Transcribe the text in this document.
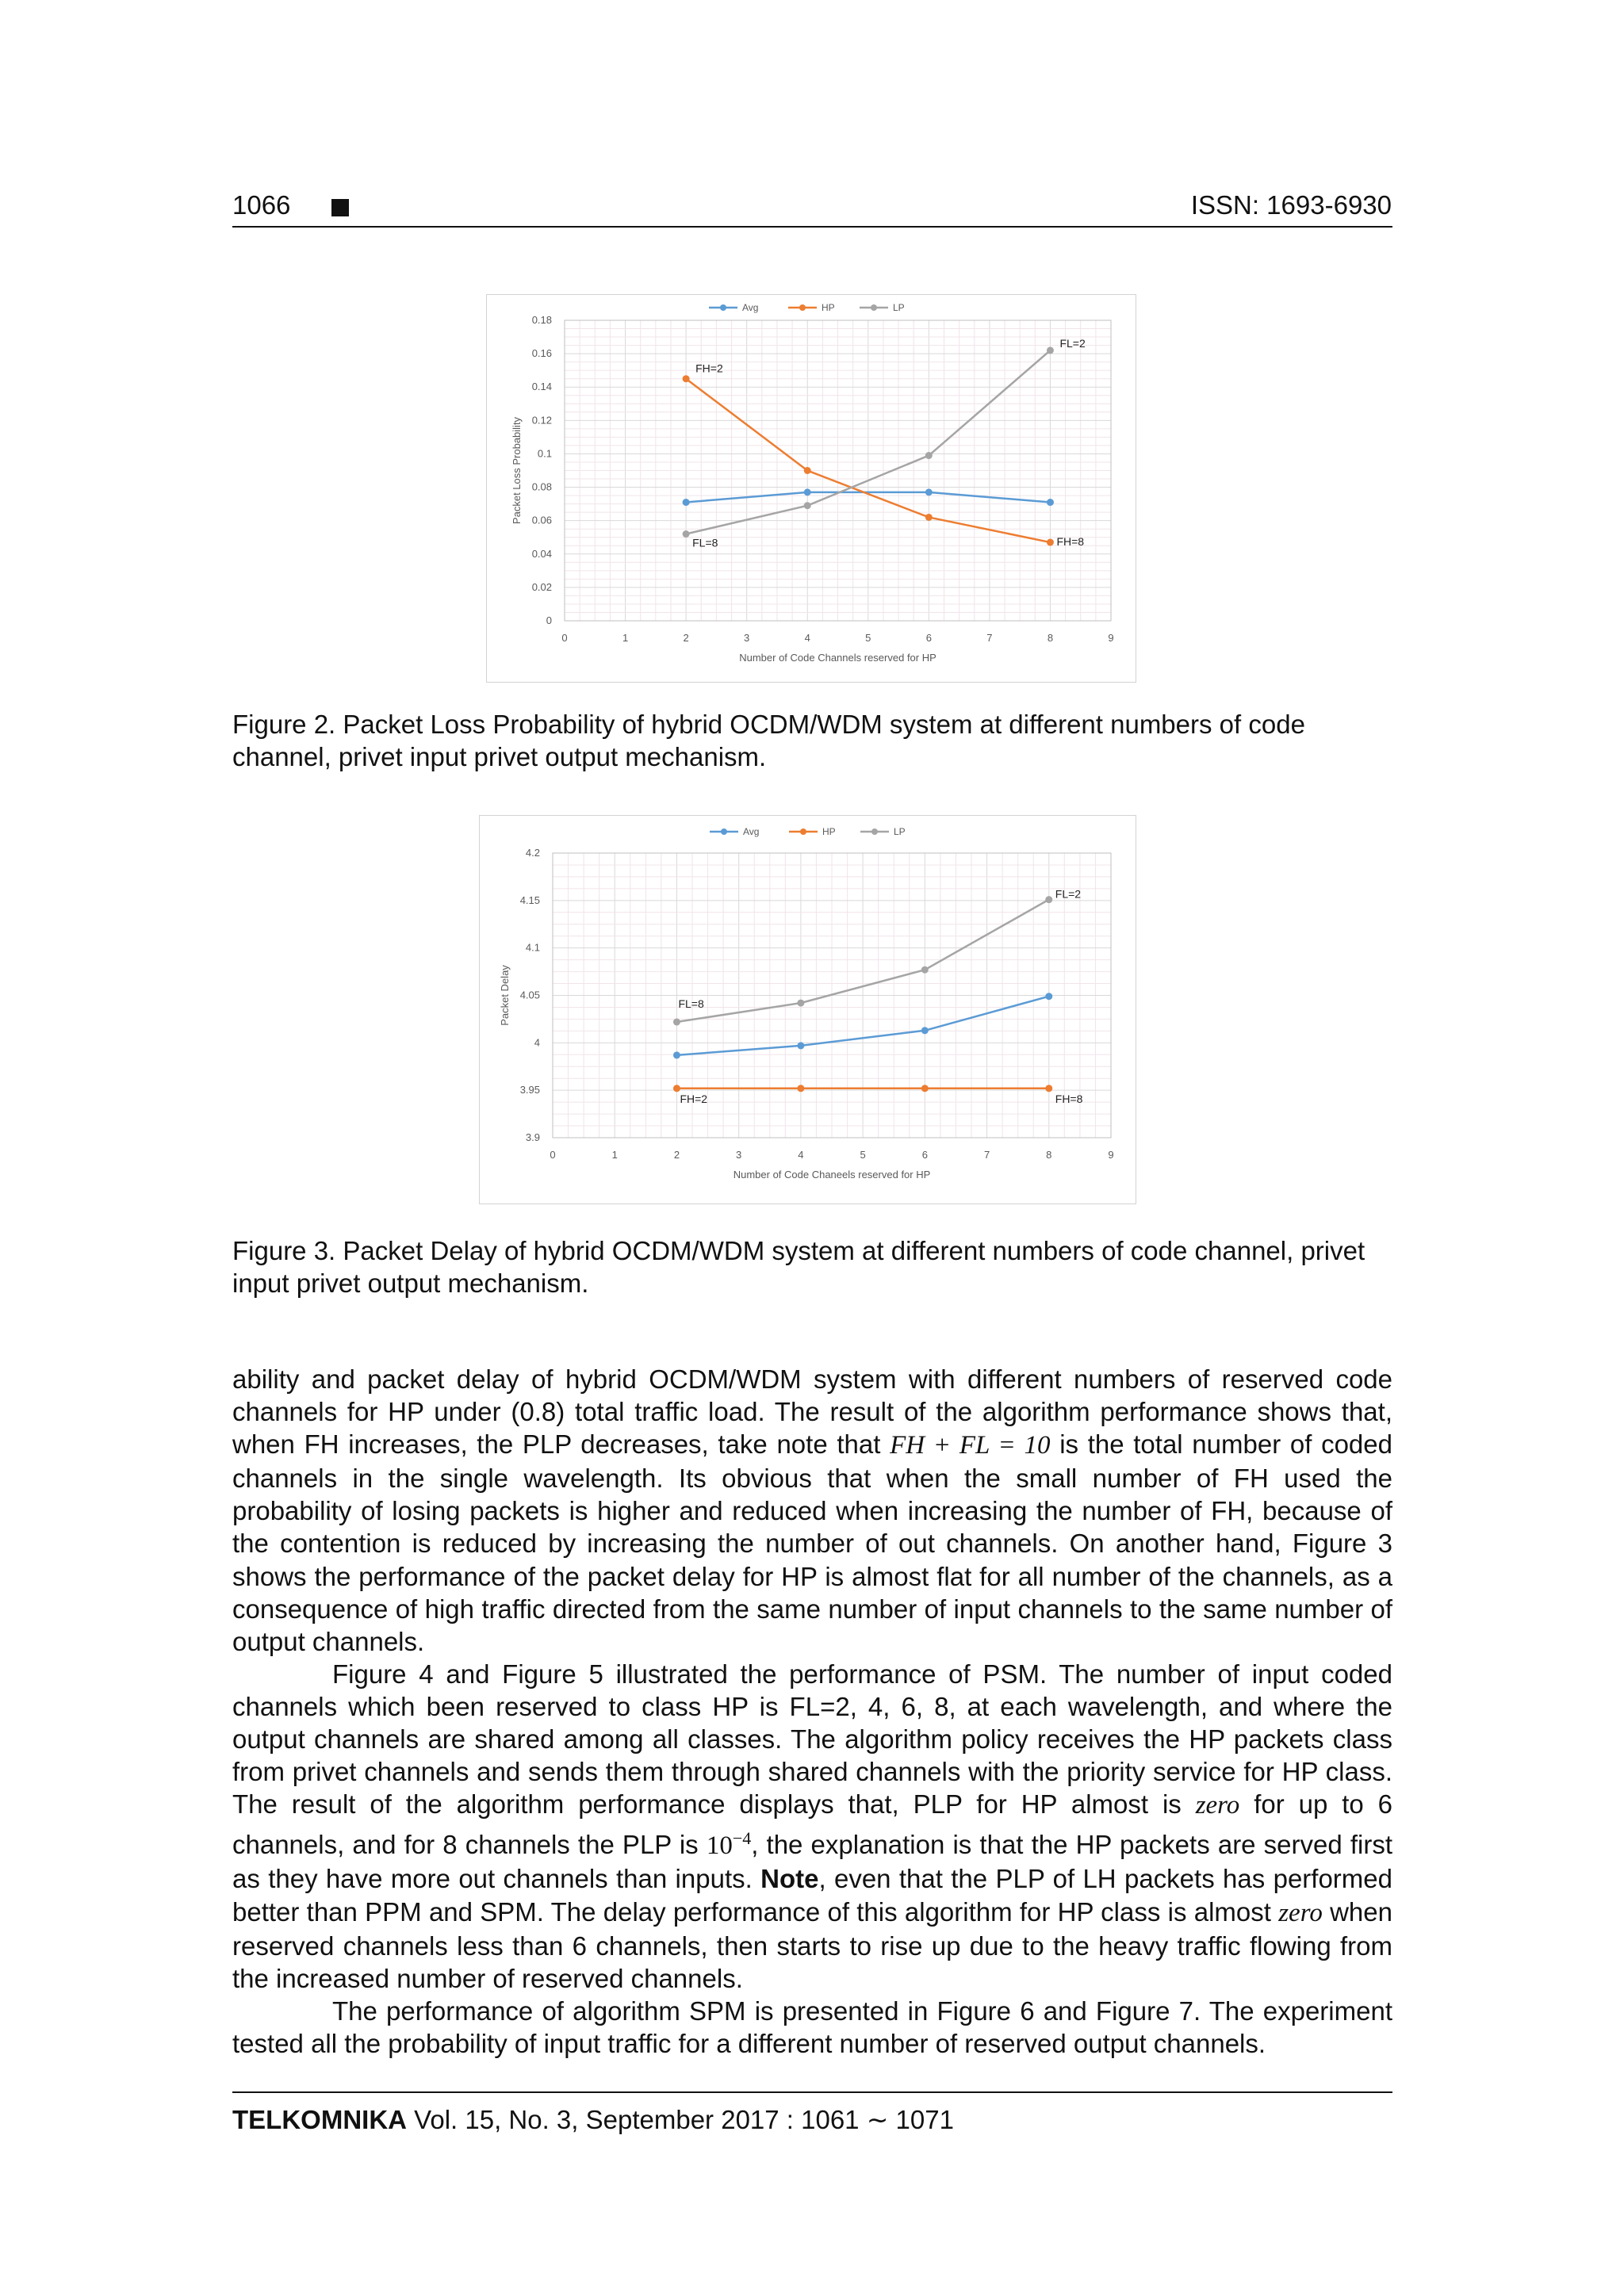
1066	ISSN: 1693-6930
0	1	2	3	4	5	6	7	8	9
0
0.02
0.04
0.06
0.08
0.1
0.12
0.14
0.16
0.18
Number of Code Channels reserved for HP
Packet Loss Probability
Avg	HP	LP
FH=2
FL=2
FL=8	FH=8
Figure 2. Packet Loss Probability of hybrid OCDM/WDM system at different numbers of code channel, privet input privet output mechanism.
0	1	2	3	4	5	6	7	8	9
3.9
3.95
4
4.05
4.1
4.15
4.2
Number of Code Chaneels reserved for HP
Packet Delay
Avg	HP	LP
FL=2
FL=8
FH=2	FH=8
Figure 3. Packet Delay of hybrid OCDM/WDM system at different numbers of code channel, privet input privet output mechanism.

ability and packet delay of hybrid OCDM/WDM system with different numbers of reserved code channels for HP under (0.8) total traffic load. The result of the algorithm performance shows that, when FH increases, the PLP decreases, take note that FH + FL = 10 is the total number of coded channels in the single wavelength. Its obvious that when the small number of FH used the probability of losing packets is higher and reduced when increasing the number of FH, because of the contention is reduced by increasing the number of out channels. On another hand, Figure 3 shows the performance of the packet delay for HP is almost flat for all number of the channels, as a consequence of high traffic directed from the same number of input channels to the same number of output channels.

Figure 4 and Figure 5 illustrated the performance of PSM. The number of input coded channels which been reserved to class HP is FL=2, 4, 6, 8, at each wavelength, and where the output channels are shared among all classes. The algorithm policy receives the HP packets class from privet channels and sends them through shared channels with the priority service for HP class. The result of the algorithm performance displays that, PLP for HP almost is zero for up to 6 channels, and for 8 channels the PLP is $10^{-4}$, the explanation is that the HP packets are served first as they have more out channels than inputs. Note, even that the PLP of LH packets has performed better than PPM and SPM. The delay performance of this algorithm for HP class is almost zero when reserved channels less than 6 channels, then starts to rise up due to the heavy traffic flowing from the increased number of reserved channels.

The performance of algorithm SPM is presented in Figure 6 and Figure 7. The experiment tested all the probability of input traffic for a different number of reserved output channels.

TELKOMNIKA Vol. 15, No. 3, September 2017 : 1061 ∼ 1071
